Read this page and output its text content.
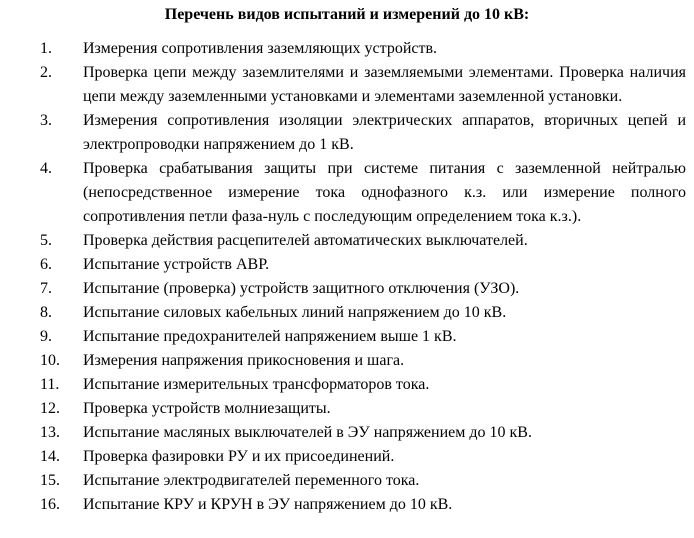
Перечень видов испытаний и измерений до 10 кВ:
1. Измерения сопротивления заземляющих устройств.
2. Проверка цепи между заземлителями и заземляемыми элементами. Проверка наличия цепи между заземленными установками и элементами заземленной установки.
3. Измерения сопротивления изоляции электрических аппаратов, вторичных цепей и электропроводки напряжением до 1 кВ.
4. Проверка срабатывания защиты при системе питания с заземленной нейтралью (непосредственное измерение тока однофазного к.з. или измерение полного сопротивления петли фаза-нуль с последующим определением тока к.з.).
5. Проверка действия расцепителей автоматических выключателей.
6. Испытание устройств АВР.
7. Испытание (проверка) устройств защитного отключения (УЗО).
8. Испытание силовых кабельных линий напряжением до 10 кВ.
9. Испытание предохранителей напряжением выше 1 кВ.
10. Измерения напряжения прикосновения и шага.
11. Испытание измерительных трансформаторов тока.
12. Проверка устройств молниезащиты.
13. Испытание масляных выключателей в ЭУ напряжением до 10 кВ.
14. Проверка фазировки РУ и их присоединений.
15. Испытание электродвигателей переменного тока.
16. Испытание КРУ и КРУН в ЭУ напряжением до 10 кВ.
